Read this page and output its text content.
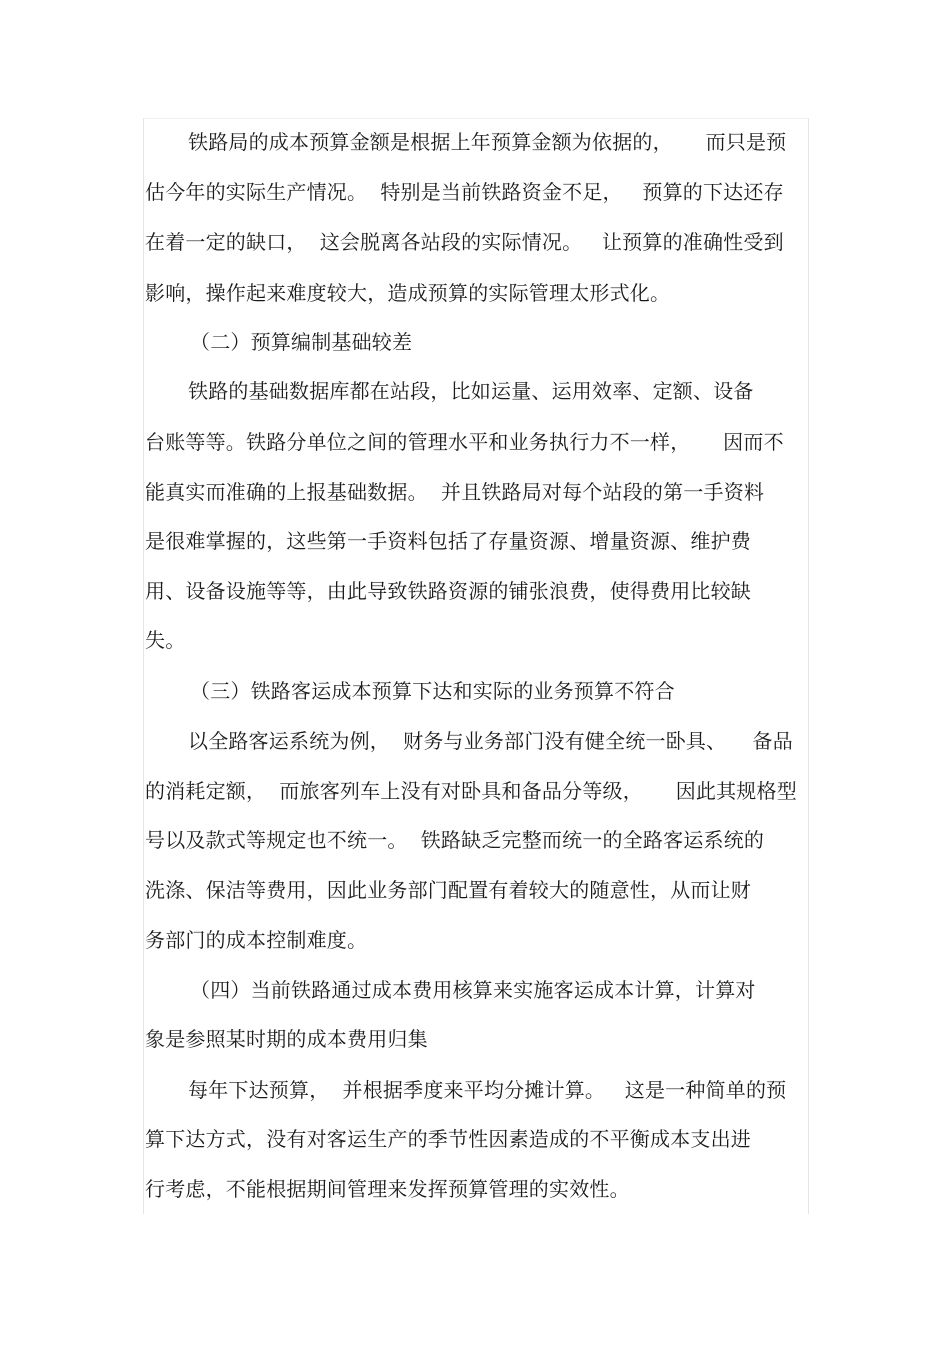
铁路局的成本预算金额是根据上年预算金额为依据的，     而只是预
估今年的实际生产情况。  特别是当前铁路资金不足，   预算的下达还存
在着一定的缺口，  这会脱离各站段的实际情况。   让预算的准确性受到
影响，操作起来难度较大，造成预算的实际管理太形式化。
（二）预算编制基础较差
铁路的基础数据库都在站段，比如运量、运用效率、定额、设备
台账等等。铁路分单位之间的管理水平和业务执行力不一样，     因而不
能真实而准确的上报基础数据。  并且铁路局对每个站段的第一手资料
是很难掌握的，这些第一手资料包括了存量资源、增量资源、维护费
用、设备设施等等，由此导致铁路资源的铺张浪费，使得费用比较缺
失。
（三）铁路客运成本预算下达和实际的业务预算不符合
以全路客运系统为例，  财务与业务部门没有健全统一卧具、    备品
的消耗定额，  而旅客列车上没有对卧具和备品分等级，     因此其规格型
号以及款式等规定也不统一。  铁路缺乏完整而统一的全路客运系统的
洗涤、保洁等费用，因此业务部门配置有着较大的随意性，从而让财
务部门的成本控制难度。
（四）当前铁路通过成本费用核算来实施客运成本计算，计算对
象是参照某时期的成本费用归集
每年下达预算，  并根据季度来平均分摊计算。   这是一种简单的预
算下达方式，没有对客运生产的季节性因素造成的不平衡成本支出进
行考虑，不能根据期间管理来发挥预算管理的实效性。
